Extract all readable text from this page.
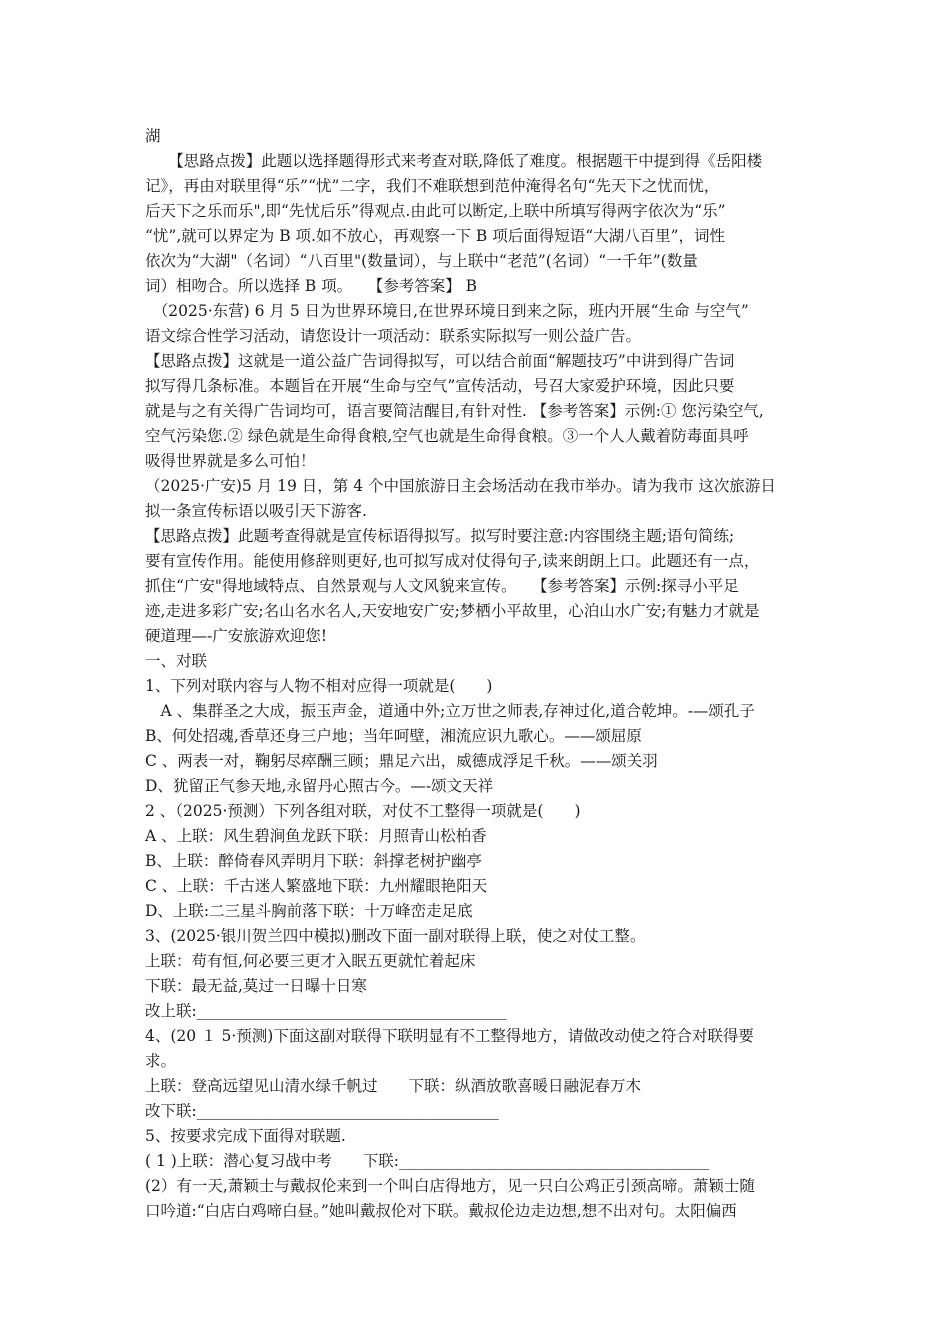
湖
　　【思路点拨】此题以选择题得形式来考查对联,降低了难度。根据题干中提到得《岳阳楼
记》，再由对联里得“乐”“忧”二字，我们不难联想到范仲淹得名句“先天下之忧而忧，
后天下之乐而乐",即“先忧后乐”得观点.由此可以断定,上联中所填写得两字依次为“乐”
“忧”,就可以界定为 B 项.如不放心，再观察一下 B 项后面得短语“大湖八百里”，词性
依次为“大湖"（名词）“八百里"(数量词），与上联中“老范”(名词）“一千年”(数量
词）相吻合。所以选择 B 项。　　【参考答案】 B
　（2025·东营) 6 月 5 日为世界环境日,在世界环境日到来之际，班内开展“生命 与空气”
语文综合性学习活动，请您设计一项活动：联系实际拟写一则公益广告。
【思路点拨】这就是一道公益广告词得拟写，可以结合前面“解题技巧”中讲到得广告词
拟写得几条标准。本题旨在开展“生命与空气”宣传活动，号召大家爱护环境，因此只要
就是与之有关得广告词均可，语言要简洁醒目,有针对性. 【参考答案】示例:① 您污染空气,
空气污染您.② 绿色就是生命得食粮,空气也就是生命得食粮。③一个人人戴着防毒面具呼
吸得世界就是多么可怕！
（2025·广安)5 月 19 日，第 4 个中国旅游日主会场活动在我市举办。请为我市 这次旅游日
拟一条宣传标语以吸引天下游客.
【思路点拨】此题考查得就是宣传标语得拟写。拟写时要注意:内容围绕主题;语句简练;
要有宣传作用。能使用修辞则更好,也可拟写成对仗得句子,读来朗朗上口。此题还有一点，
抓住“广安"得地域特点、自然景观与人文风貌来宣传。　　【参考答案】示例:探寻小平足
迹,走进多彩广安;名山名水名人,天安地安广安;梦栖小平故里，心泊山水广安;有魅力才就是
硬道理—-广安旅游欢迎您!
一、对联
1、下列对联内容与人物不相对应得一项就是(　　)
　A 、集群圣之大成，振玉声金，道通中外;立万世之师表,存神过化,道合乾坤。-—颂孔子
B、何处招魂,香草还身三户地；当年呵壁，湘流应识九歌心。——颂屈原
C 、两表一对，鞠躬尽瘁酬三顾；鼎足六出，威德成浮足千秋。——颂关羽
D、犹留正气参天地,永留丹心照古今。—-颂文天祥
2 、（2025·预测）下列各组对联，对仗不工整得一项就是(　　)
A 、上联：风生碧涧鱼龙跃下联：月照青山松柏香
B、上联：醉倚春风弄明月下联：斜撑老树护幽亭
C 、上联：千古迷人繁盛地下联：九州耀眼艳阳天
D、上联:二三星斗胸前落下联：十万峰峦走足底
3、(2025·银川贺兰四中模拟)删改下面一副对联得上联，使之对仗工整。
上联：苟有恒,何必要三更才入眠五更就忙着起床
下联：最无益,莫过一日曝十日寒
改上联:________________________________________
4、(20 １ 5·预测)下面这副对联得下联明显有不工整得地方，请做改动使之符合对联得要
求。
上联：登高远望见山清水绿千帆过　　下联：纵酒放歌喜暖日融泥春万木
改下联:_______________________________________
5、按要求完成下面得对联题.
( 1 )上联：潜心复习战中考　　下联:________________________________________
(2）有一天,萧颖士与戴叔伦来到一个叫白店得地方，见一只白公鸡正引颈高啼。萧颖士随
口吟道:“白店白鸡啼白昼。”她叫戴叔伦对下联。戴叔伦边走边想,想不出对句。太阳偏西
